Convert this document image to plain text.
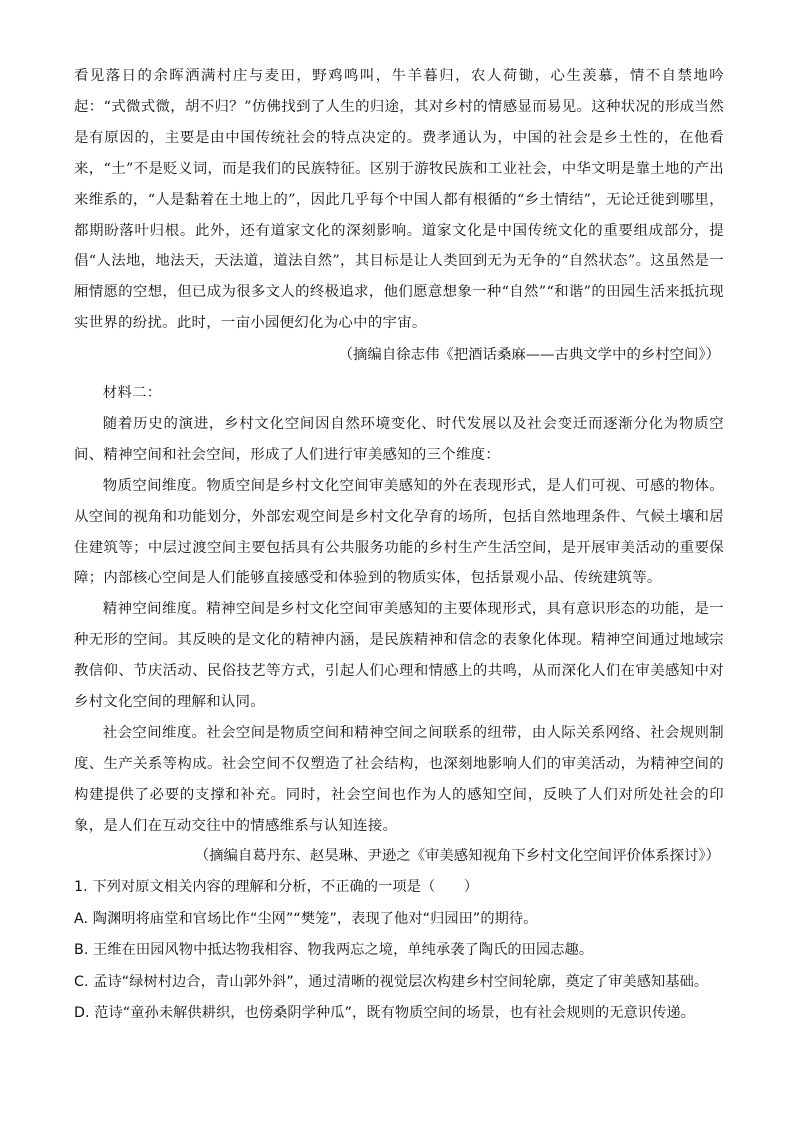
看见落日的余晖洒满村庄与麦田，野鸡鸣叫，牛羊暮归，农人荷锄，心生羡慕，情不自禁地吟起：“式微式微，胡不归？”仿佛找到了人生的归途，其对乡村的情感显而易见。这种状况的形成当然是有原因的，主要是由中国传统社会的特点决定的。费孝通认为，中国的社会是乡土性的，在他看来，“土”不是贬义词，而是我们的民族特征。区别于游牧民族和工业社会，中华文明是靠土地的产出来维系的，“人是黏着在土地上的”，因此几乎每个中国人都有根循的“乡土情结”，无论迁徙到哪里，都期盼落叶归根。此外，还有道家文化的深刻影响。道家文化是中国传统文化的重要组成部分，提倡“人法地，地法天，天法道，道法自然”，其目标是让人类回到无为无争的“自然状态”。这虽然是一厢情愿的空想，但已成为很多文人的终极追求，他们愿意想象一种“自然”“和谐”的田园生活来抵抗现实世界的纷扰。此时，一亩小园便幻化为心中的宇宙。

（摘编自徐志伟《把酒话桑麻——古典文学中的乡村空间》）

材料二：

随着历史的演进，乡村文化空间因自然环境变化、时代发展以及社会变迁而逐渐分化为物质空间、精神空间和社会空间，形成了人们进行审美感知的三个维度：

物质空间维度。物质空间是乡村文化空间审美感知的外在表现形式，是人们可视、可感的物体。从空间的视角和功能划分，外部宏观空间是乡村文化孕育的场所，包括自然地理条件、气候土壤和居住建筑等；中层过渡空间主要包括具有公共服务功能的乡村生产生活空间，是开展审美活动的重要保障；内部核心空间是人们能够直接感受和体验到的物质实体，包括景观小品、传统建筑等。

精神空间维度。精神空间是乡村文化空间审美感知的主要体现形式，具有意识形态的功能，是一种无形的空间。其反映的是文化的精神内涵，是民族精神和信念的表象化体现。精神空间通过地域宗教信仰、节庆活动、民俗技艺等方式，引起人们心理和情感上的共鸣，从而深化人们在审美感知中对乡村文化空间的理解和认同。

社会空间维度。社会空间是物质空间和精神空间之间联系的纽带，由人际关系网络、社会规则制度、生产关系等构成。社会空间不仅塑造了社会结构，也深刻地影响人们的审美活动，为精神空间的构建提供了必要的支撑和补充。同时，社会空间也作为人的感知空间，反映了人们对所处社会的印象，是人们在互动交往中的情感维系与认知连接。

（摘编自葛丹东、赵昊琳、尹逊之《审美感知视角下乡村文化空间评价体系探讨》）

1. 下列对原文相关内容的理解和分析，不正确的一项是（　　）

A. 陶渊明将庙堂和官场比作“尘网”“樊笼”，表现了他对“归园田”的期待。

B. 王维在田园风物中抵达物我相容、物我两忘之境，单纯承袭了陶氏的田园志趣。

C. 孟诗“绿树村边合，青山郭外斜”，通过清晰的视觉层次构建乡村空间轮廓，奠定了审美感知基础。

D. 范诗“童孙未解供耕织，也傍桑阴学种瓜”，既有物质空间的场景，也有社会规则的无意识传递。
